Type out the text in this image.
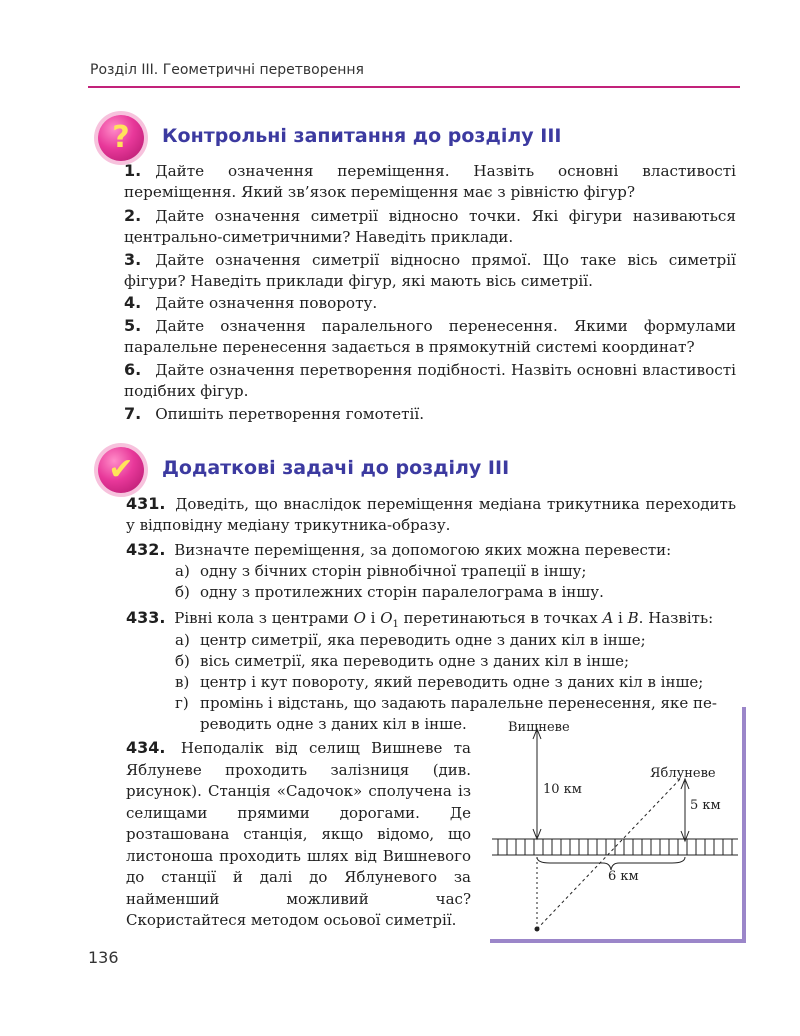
Розділ ІІІ. Геометричні перетворення
?	Контрольні запитання до розділу ІІІ
1. Дайте означення переміщення. Назвіть основні властивості переміщення. Який зв’язок переміщення має з рівністю фігур?
2. Дайте означення симетрії відносно точки. Які фігури називаються центрально-симетричними? Наведіть приклади.
3. Дайте означення симетрії відносно прямої. Що таке вісь симетрії фігури? Наведіть приклади фігур, які мають вісь симетрії.
4. Дайте означення повороту.
5. Дайте означення паралельного перенесення. Якими формулами паралельне перенесення задається в прямокутній системі координат?
6. Дайте означення перетворення подібності. Назвіть основні властивості подібних фігур.
7. Опишіть перетворення гомотетії.
✔	Додаткові задачі до розділу ІІІ
431. Доведіть, що внаслідок переміщення медіана трикутника переходить у відповідну медіану трикутника-образу.
432. Визначте переміщення, за допомогою яких можна перевести:
а) одну з бічних сторін рівнобічної трапеції в іншу;
б) одну з протилежних сторін паралелограма в іншу.
433. Рівні кола з центрами O і $O_1$ перетинаються в точках A і B. Назвіть:
а) центр симетрії, яка переводить одне з даних кіл в інше;
б) вісь симетрії, яка переводить одне з даних кіл в інше;
в) центр і кут повороту, який переводить одне з даних кіл в інше;
г) промінь і відстань, що задають паралельне перенесення, яке пе-
реводить одне з даних кіл в інше.
434. Неподалік від селищ Вишневе та Яблуневе проходить залізниця (див. рисунок). Станція «Садочок» сполучена із селищами прямими дорогами. Де розташована станція, якщо відомо, що листоноша проходить шлях від Вишневого до станції й далі до Яблуневого за найменший можливий час? Скористайтеся методом осьової симетрії.
Вишневе
Яблуневе
10 км
5 км
6 км
136
